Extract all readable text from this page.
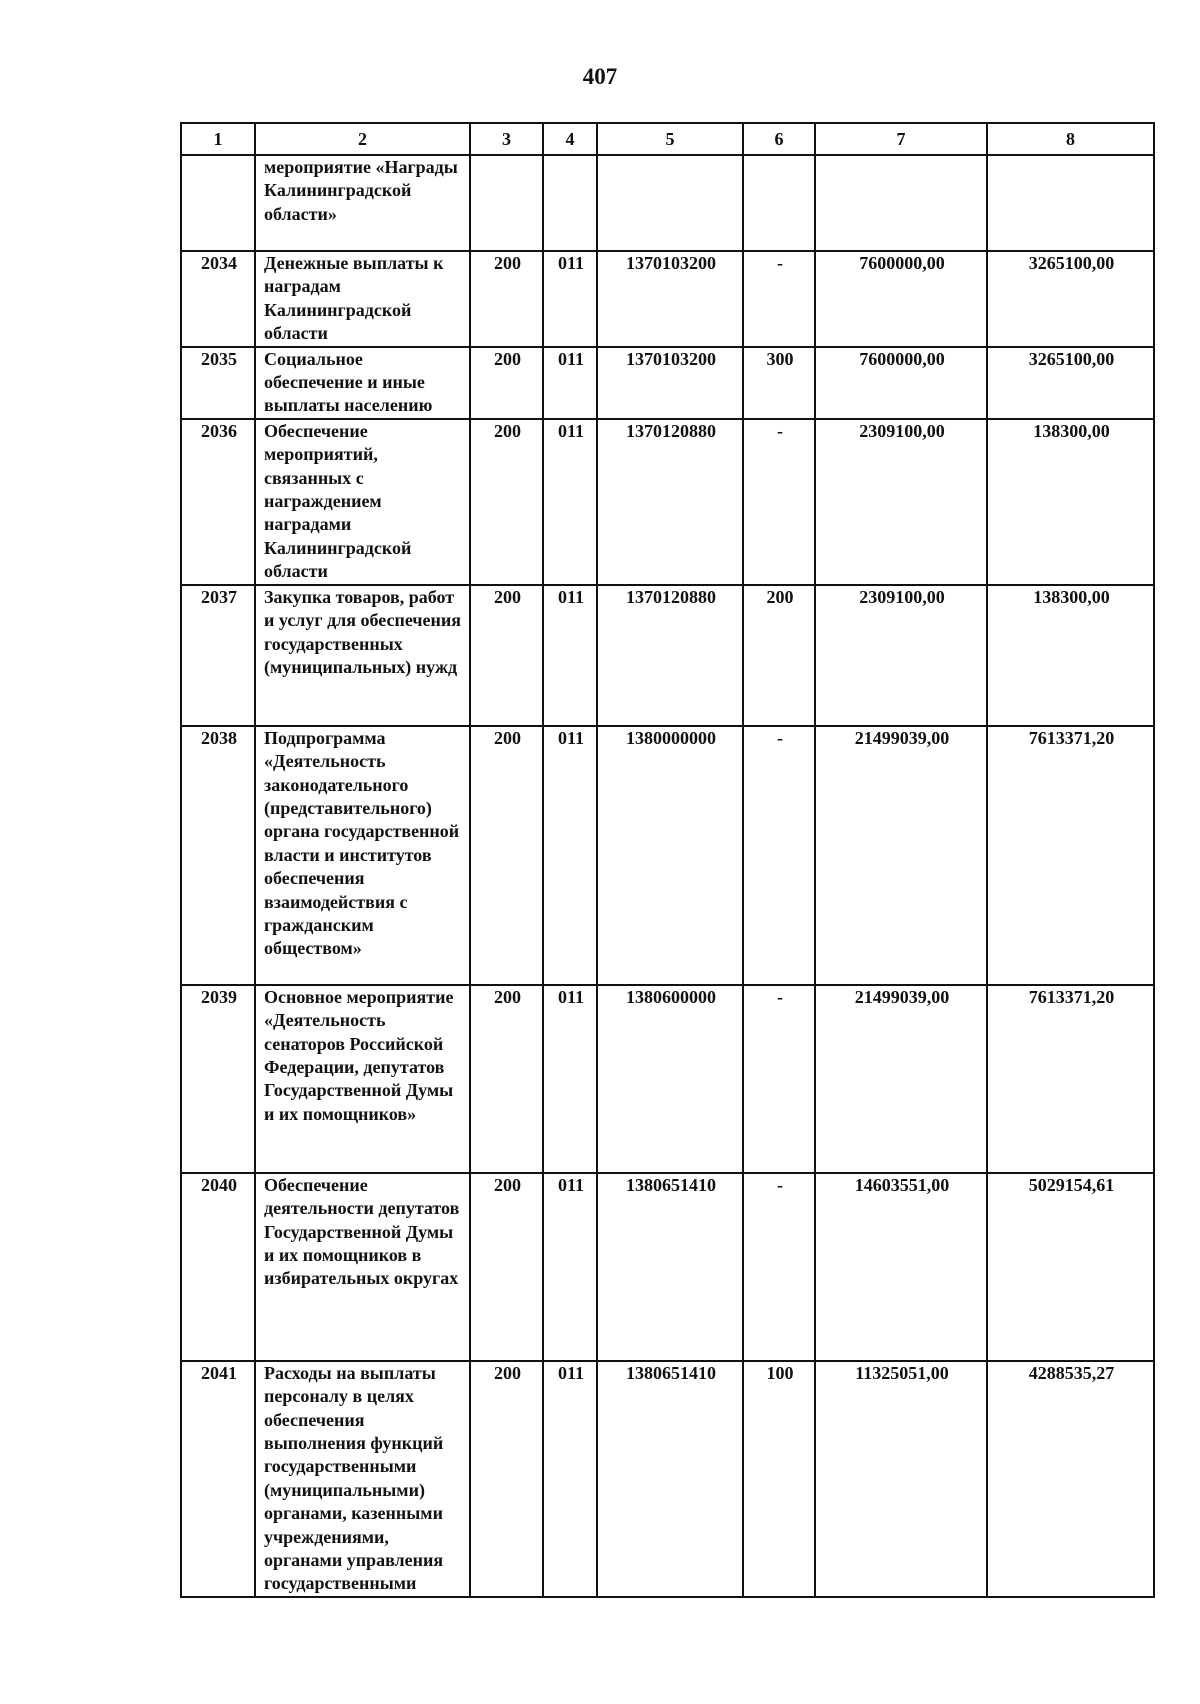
407
1	2	3	4	5	6	7	8
	мероприятие «Награды Калининградской области»						
2034	Денежные выплаты к наградам Калининградской области	200	011	1370103200	-	7600000,00	3265100,00
2035	Социальное обеспечение и иные выплаты населению	200	011	1370103200	300	7600000,00	3265100,00
2036	Обеспечение мероприятий, связанных с награждением наградами Калининградской области	200	011	1370120880	-	2309100,00	138300,00
2037	Закупка товаров, работ и услуг для обеспечения государственных (муниципальных) нужд	200	011	1370120880	200	2309100,00	138300,00
2038	Подпрограмма «Деятельность законодательного (представительного) органа государственной власти и институтов обеспечения взаимодействия с гражданским обществом»	200	011	1380000000	-	21499039,00	7613371,20
2039	Основное мероприятие «Деятельность сенаторов Российской Федерации, депутатов Государственной Думы и их помощников»	200	011	1380600000	-	21499039,00	7613371,20
2040	Обеспечение деятельности депутатов Государственной Думы и их помощников в избирательных округах	200	011	1380651410	-	14603551,00	5029154,61
2041	Расходы на выплаты персоналу в целях обеспечения выполнения функций государственными (муниципальными) органами, казенными учреждениями, органами управления государственными	200	011	1380651410	100	11325051,00	4288535,27
